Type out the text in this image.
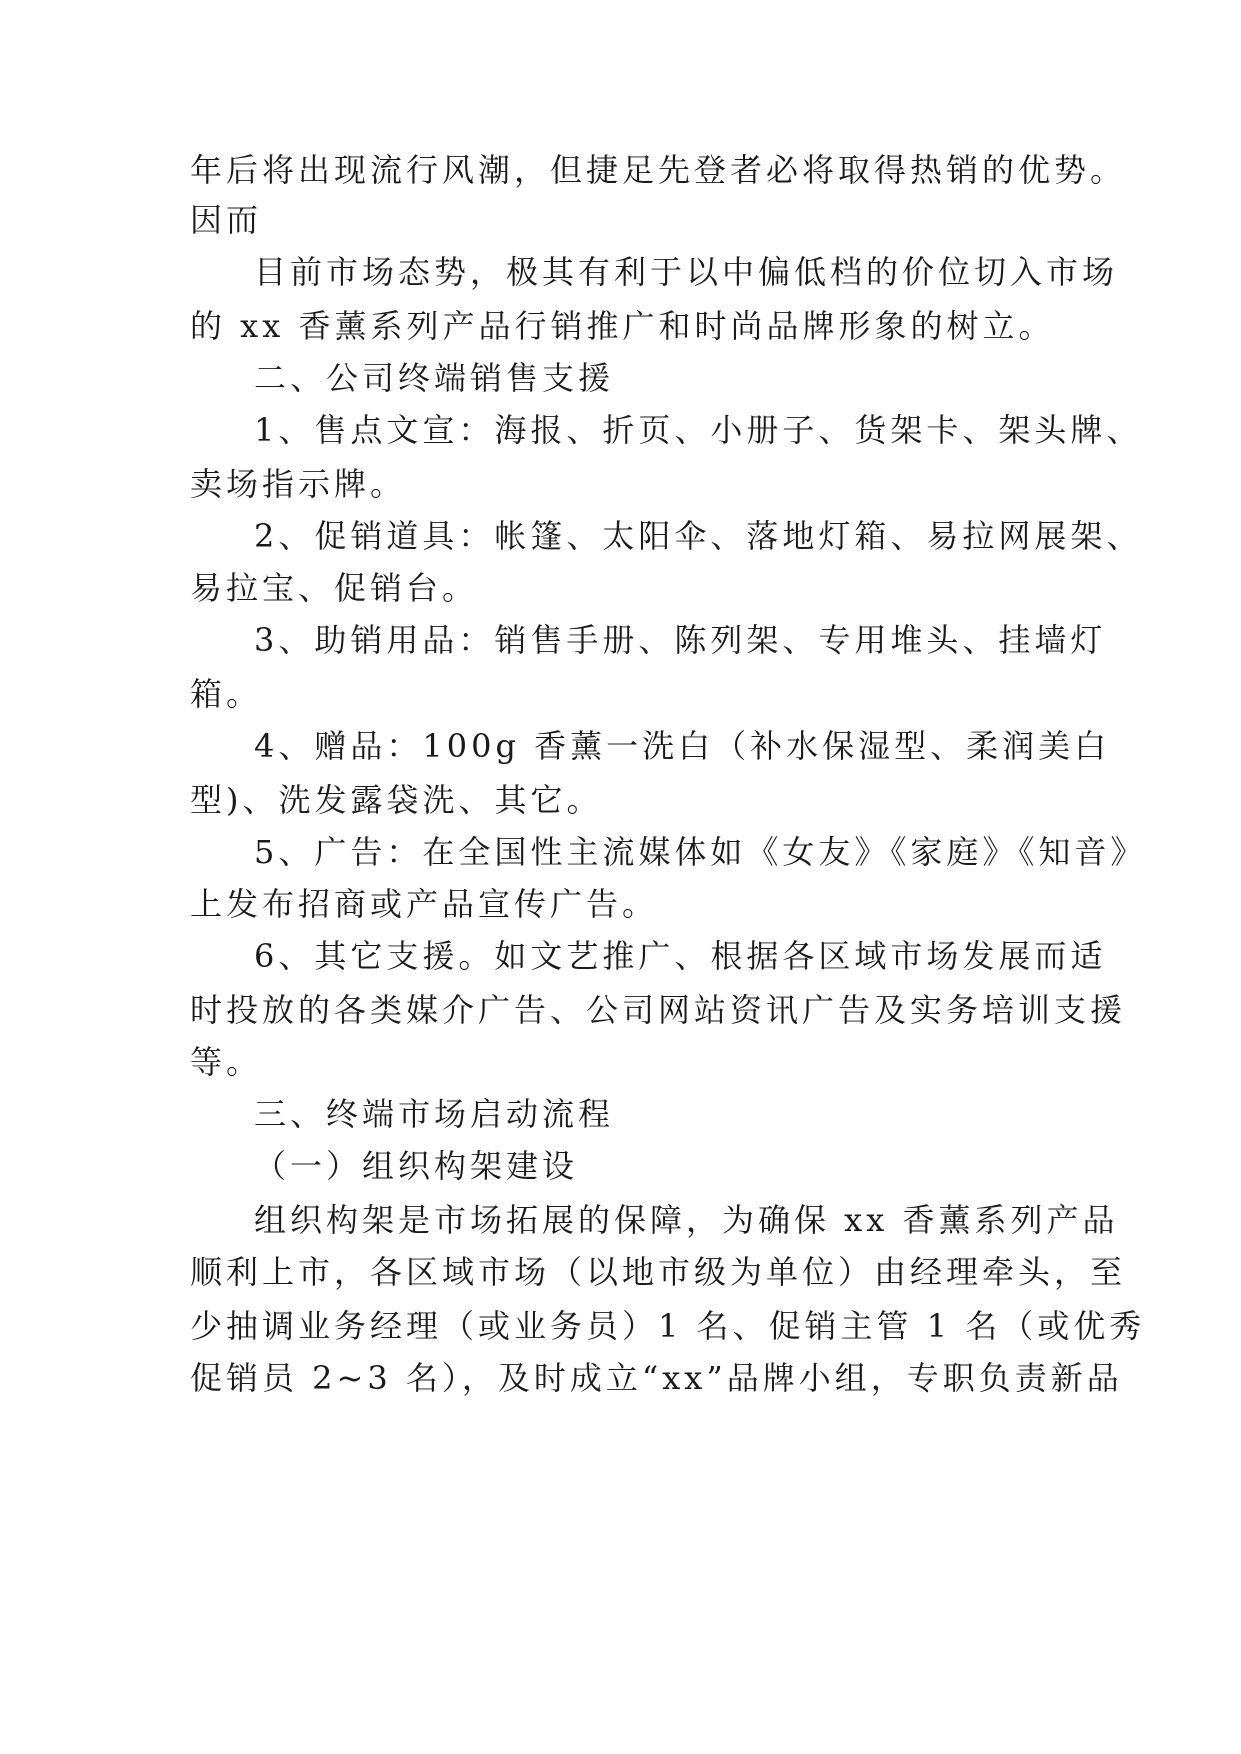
年后将出现流行风潮，但捷足先登者必将取得热销的优势。
因而
目前市场态势，极其有利于以中偏低档的价位切入市场
的 xx 香薰系列产品行销推广和时尚品牌形象的树立。
二、公司终端销售支援
1、售点文宣：海报、折页、小册子、货架卡、架头牌、
卖场指示牌。
2、促销道具：帐篷、太阳伞、落地灯箱、易拉网展架、
易拉宝、促销台。
3、助销用品：销售手册、陈列架、专用堆头、挂墙灯
箱。
4、赠品：100g 香薰一洗白（补水保湿型、柔润美白
型)、洗发露袋洗、其它。
5、广告：在全国性主流媒体如《女友》《家庭》《知音》
上发布招商或产品宣传广告。
6、其它支援。如文艺推广、根据各区域市场发展而适
时投放的各类媒介广告、公司网站资讯广告及实务培训支援
等。
三、终端市场启动流程
（一）组织构架建设
组织构架是市场拓展的保障，为确保 xx 香薰系列产品
顺利上市，各区域市场（以地市级为单位）由经理牵头，至
少抽调业务经理（或业务员）1 名、促销主管 1 名（或优秀
促销员 2~3 名），及时成立“xx”品牌小组，专职负责新品
